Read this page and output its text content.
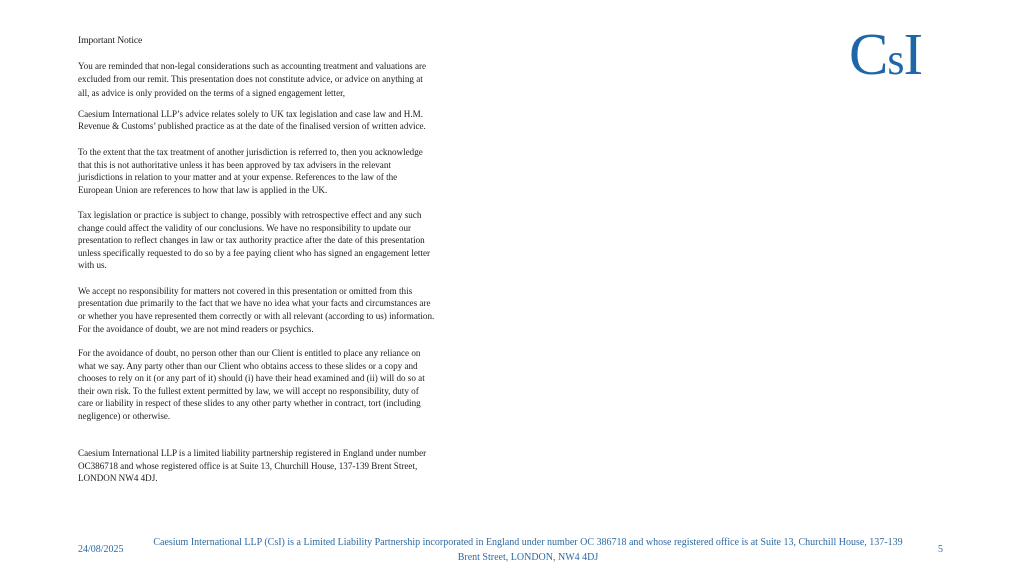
Important Notice

You are reminded that non-legal considerations such as accounting treatment and valuations are
excluded from our remit. This presentation does not constitute advice, or advice on anything at
all, as advice is only provided on the terms of a signed engagement letter,

Caesium International LLP’s advice relates solely to UK tax legislation and case law and H.M.
Revenue & Customs’ published practice as at the date of the finalised version of written advice.

To the extent that the tax treatment of another jurisdiction is referred to, then you acknowledge
that this is not authoritative unless it has been approved by tax advisers in the relevant
jurisdictions in relation to your matter and at your expense. References to the law of the
European Union are references to how that law is applied in the UK.

Tax legislation or practice is subject to change, possibly with retrospective effect and any such
change could affect the validity of our conclusions. We have no responsibility to update our
presentation to reflect changes in law or tax authority practice after the date of this presentation
unless specifically requested to do so by a fee paying client who has signed an engagement letter
with us.

We accept no responsibility for matters not covered in this presentation or omitted from this
presentation due primarily to the fact that we have no idea what your facts and circumstances are
or whether you have represented them correctly or with all relevant (according to us) information.
For the avoidance of doubt, we are not mind readers or psychics.

For the avoidance of doubt, no person other than our Client is entitled to place any reliance on
what we say. Any party other than our Client who obtains access to these slides or a copy and
chooses to rely on it (or any part of it) should (i) have their head examined and (ii) will do so at
their own risk. To the fullest extent permitted by law, we will accept no responsibility, duty of
care or liability in respect of these slides to any other party whether in contract, tort (including
negligence) or otherwise.

Caesium International LLP is a limited liability partnership registered in England under number
OC386718 and whose registered office is at Suite 13, Churchill House, 137-139 Brent Street,
LONDON NW4 4DJ.

CsI
24/08/2025
Caesium International LLP (CsI) is a Limited Liability Partnership incorporated in England under number OC 386718 and whose registered office is at Suite 13, Churchill House, 137-139 Brent Street, LONDON, NW4 4DJ
5
